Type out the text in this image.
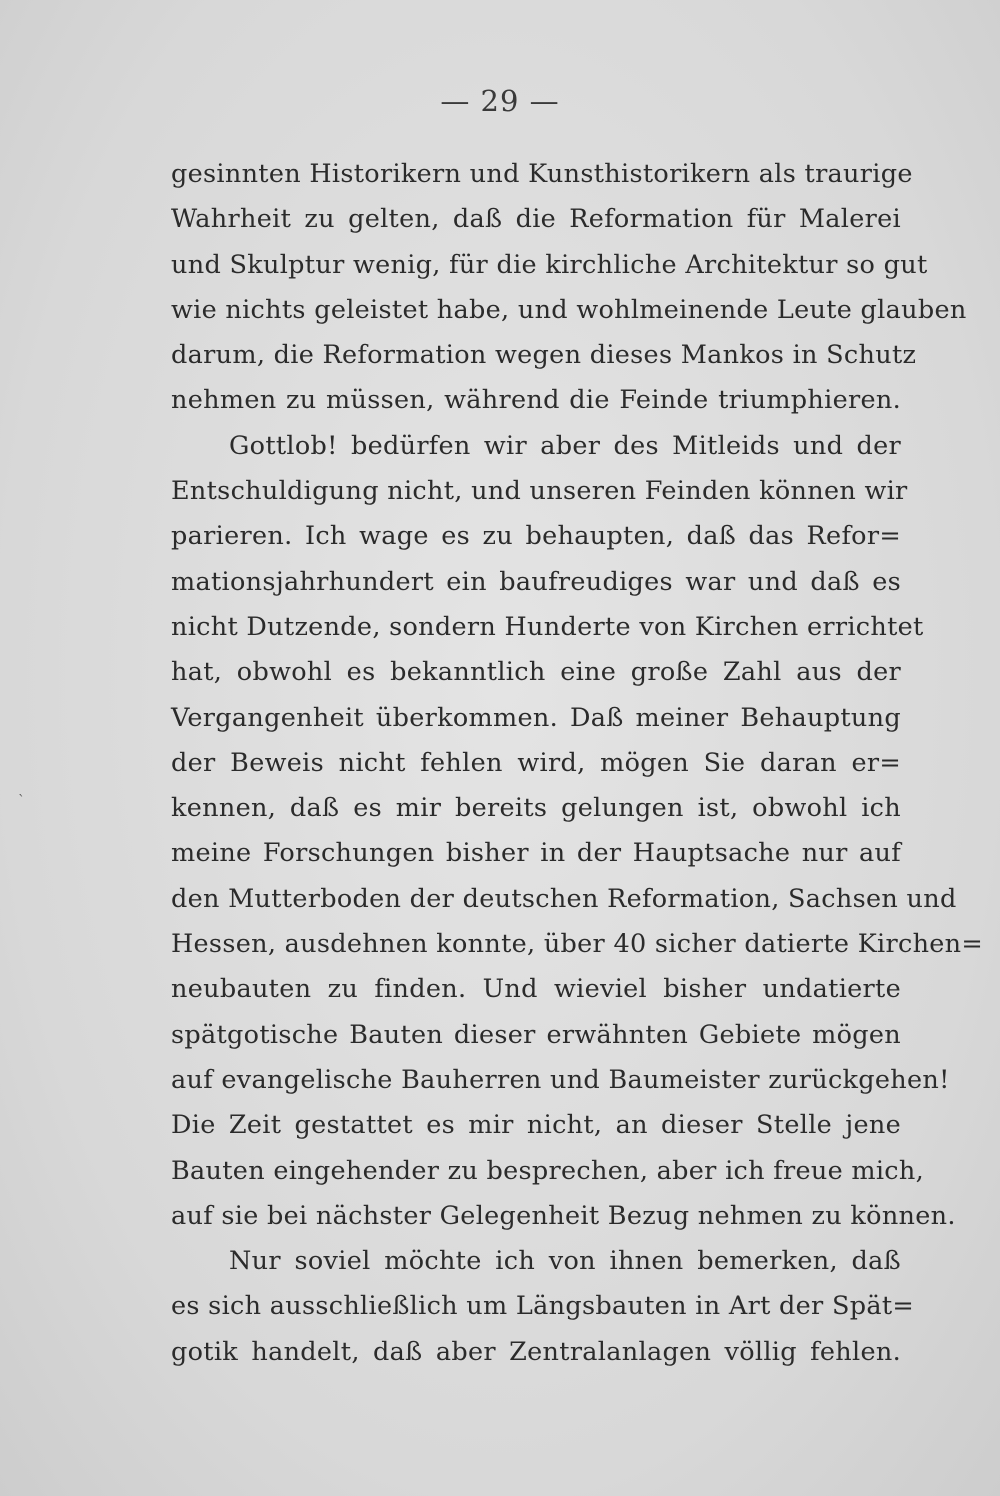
— 29 —
`
gesinnten Historikern und Kunsthistorikern als traurige
Wahrheit zu gelten, daß die Reformation für Malerei
und Skulptur wenig, für die kirchliche Architektur so gut
wie nichts geleistet habe, und wohlmeinende Leute glauben
darum, die Reformation wegen dieses Mankos in Schutz
nehmen zu müssen, während die Feinde triumphieren.
Gottlob! bedürfen wir aber des Mitleids und der
Entschuldigung nicht, und unseren Feinden können wir
parieren. Ich wage es zu behaupten, daß das Refor=
mationsjahrhundert ein baufreudiges war und daß es
nicht Dutzende, sondern Hunderte von Kirchen errichtet
hat, obwohl es bekanntlich eine große Zahl aus der
Vergangenheit überkommen. Daß meiner Behauptung
der Beweis nicht fehlen wird, mögen Sie daran er=
kennen, daß es mir bereits gelungen ist, obwohl ich
meine Forschungen bisher in der Hauptsache nur auf
den Mutterboden der deutschen Reformation, Sachsen und
Hessen, ausdehnen konnte, über 40 sicher datierte Kirchen=
neubauten zu finden. Und wieviel bisher undatierte
spätgotische Bauten dieser erwähnten Gebiete mögen
auf evangelische Bauherren und Baumeister zurückgehen!
Die Zeit gestattet es mir nicht, an dieser Stelle jene
Bauten eingehender zu besprechen, aber ich freue mich,
auf sie bei nächster Gelegenheit Bezug nehmen zu können.
Nur soviel möchte ich von ihnen bemerken, daß
es sich ausschließlich um Längsbauten in Art der Spät=
gotik handelt, daß aber Zentralanlagen völlig fehlen.
